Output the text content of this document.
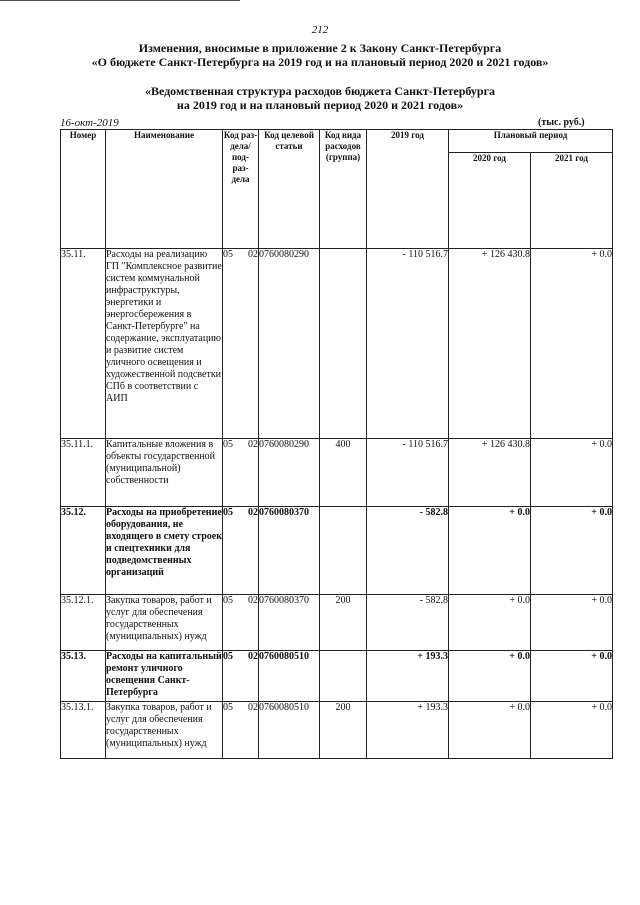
212
Изменения, вносимые в приложение 2 к Закону Санкт-Петербурга
«О бюджете Санкт-Петербурга на 2019 год и на плановый период 2020 и 2021 годов»
«Ведомственная структура расходов бюджета Санкт-Петербурга
на 2019 год и на плановый период 2020 и 2021 годов»
16-окт-2019	(тыс. руб.)
Номер	Наименование	Код раз- дела/ под- раз- дела	Код целевой статьи	Код вида расходов (группа)	2019 год	Плановый период	
						2020 год	2021 год
35.11.	Расходы на реализацию ГП "Комплексное развитие систем коммунальной инфраструктуры, энергетики и энергосбережения в Санкт-Петербурге" на содержание, эксплуатацию и развитие систем уличного освещения и художественной подсветки СПб в соответствии с АИП	05 02	0760080290		- 110 516.7	+ 126 430.8	+ 0.0
35.11.1.	Капитальные вложения в объекты государственной (муниципальной) собственности	05 02	0760080290	400	- 110 516.7	+ 126 430.8	+ 0.0
35.12.	Расходы на приобретение оборудования, не входящего в смету строек и спецтехники для подведомственных организаций	05 02	0760080370		- 582.8	+ 0.0	+ 0.0
35.12.1.	Закупка товаров, работ и услуг для обеспечения государственных (муниципальных) нужд	05 02	0760080370	200	- 582.8	+ 0.0	+ 0.0
35.13.	Расходы на капитальный ремонт уличного освещения Санкт-Петербурга	05 02	0760080510		+ 193.3	+ 0.0	+ 0.0
35.13.1.	Закупка товаров, работ и услуг для обеспечения государственных (муниципальных) нужд	05 02	0760080510	200	+ 193.3	+ 0.0	+ 0.0
